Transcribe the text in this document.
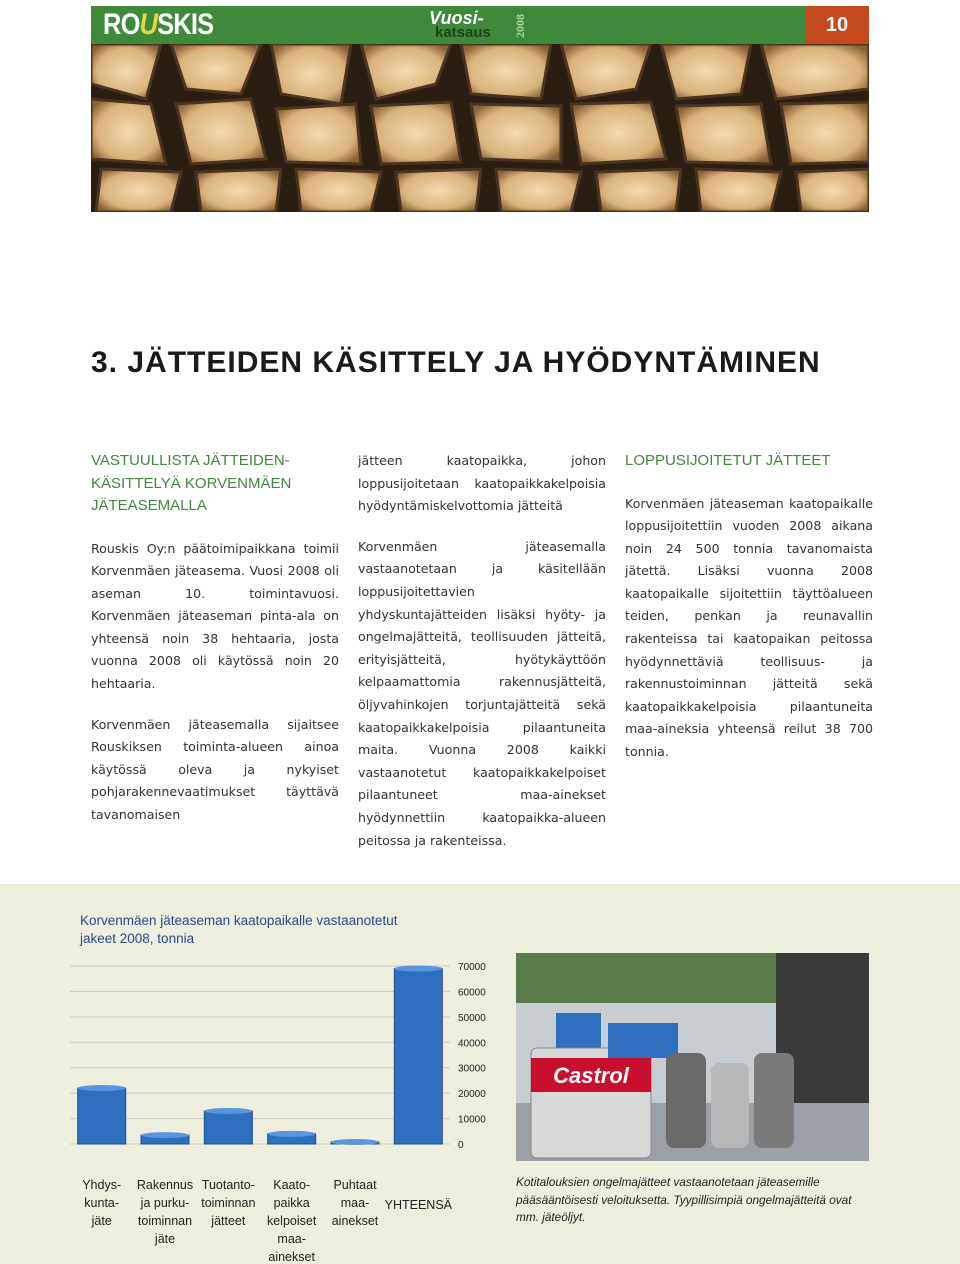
ROUSKIS	Vuosi-
katsaus 2008	10
3. JÄTTEIDEN KÄSITTELY JA HYÖDYNTÄMINEN
VASTUULLISTA JÄTTEIDEN-KÄSITTELYÄ KORVENMÄEN JÄTEASEMALLA

Rouskis Oy:n päätoimipaikkana toimii Korvenmäen jäteasema. Vuosi 2008 oli aseman 10. toimintavuosi. Korvenmäen jäteaseman pinta-ala on yhteensä noin 38 hehtaaria, josta vuonna 2008 oli käytössä noin 20 hehtaaria.

Korvenmäen jäteasemalla sijaitsee Rouskiksen toiminta-alueen ainoa käytössä oleva ja nykyiset pohjarakennevaatimukset täyttävä tavanomaisen

jätteen kaatopaikka, johon loppusijoitetaan kaatopaikkakelpoisia hyödyntämiskelvottomia jätteitä

Korvenmäen jäteasemalla vastaanotetaan ja käsitellään loppusijoitettavien yhdyskuntajätteiden lisäksi hyöty- ja ongelmajätteitä, teollisuuden jätteitä, erityisjätteitä, hyötykäyttöön kelpaamattomia rakennusjätteitä, öljyvahinkojen torjuntajätteitä sekä kaatopaikkakelpoisia pilaantuneita maita. Vuonna 2008 kaikki vastaanotetut kaatopaikkakelpoiset pilaantuneet maa-ainekset hyödynnettiin kaatopaikka-alueen peitossa ja rakenteissa.

LOPPUSIJOITETUT JÄTTEET

Korvenmäen jäteaseman kaatopaikalle loppusijoitettiin vuoden 2008 aikana noin 24 500 tonnia tavanomaista jätettä. Lisäksi vuonna 2008 kaatopaikalle sijoitettiin täyttöalueen teiden, penkan ja reunavallin rakenteissa tai kaatopaikan peitossa hyödynnettäviä teollisuus- ja rakennustoiminnan jätteitä sekä kaatopaikkakelpoisia pilaantuneita maa-aineksia yhteensä reilut 38 700 tonnia.

Korvenmäen jäteaseman kaatopaikalle vastaanotetut jakeet 2008, tonnia
70000
60000
50000
40000
30000
20000
10000
0
Yhdys-
kunta-
jäte
Rakennus
ja purku-
toiminnan
jäte
Tuotanto-
toiminnan
jätteet
Kaato-
paikka
kelpoiset
maa-
ainekset
Puhtaat
maa-
ainekset
YHTEENSÄ
Castrol
Kotitalouksien ongelmajätteet vastaanotetaan jäteasemille pääsääntöisesti veloituksetta. Tyypillisimpiä ongelmajätteitä ovat mm. jäteöljyt.
